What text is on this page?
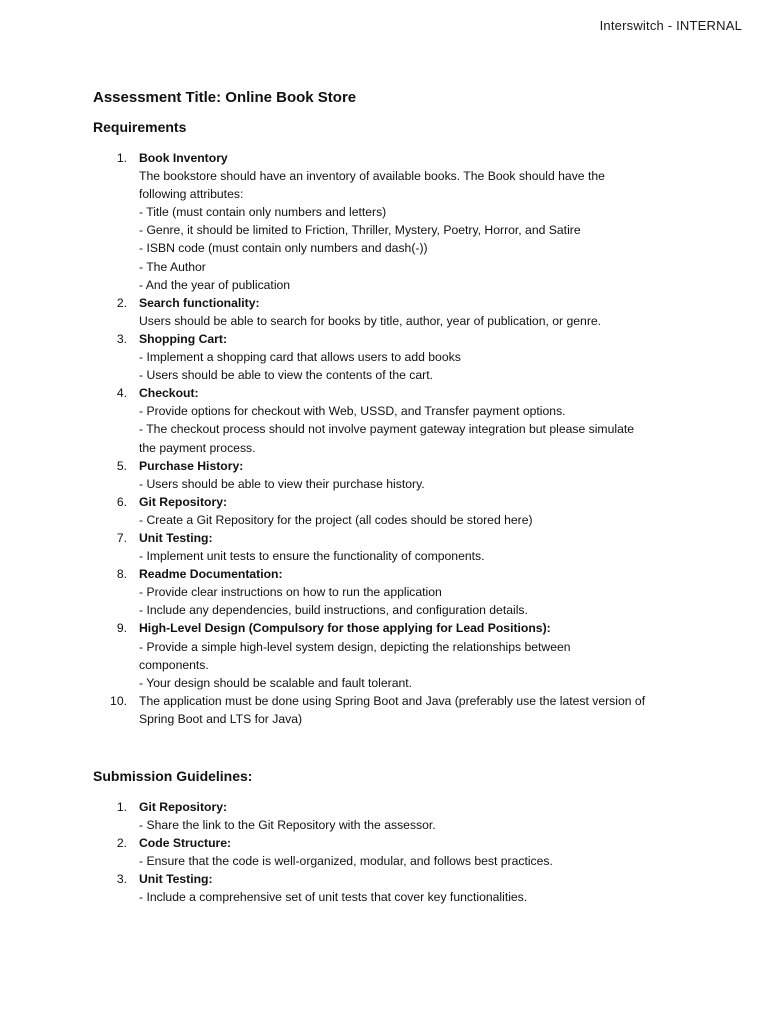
Interswitch - INTERNAL
Assessment Title: Online Book Store
Requirements
1. Book Inventory
The bookstore should have an inventory of available books. The Book should have the
following attributes:
- Title (must contain only numbers and letters)
- Genre, it should be limited to Friction, Thriller, Mystery, Poetry, Horror, and Satire
- ISBN code (must contain only numbers and dash(-))
- The Author
- And the year of publication
2. Search functionality:
Users should be able to search for books by title, author, year of publication, or genre.
3. Shopping Cart:
- Implement a shopping card that allows users to add books
- Users should be able to view the contents of the cart.
4. Checkout:
- Provide options for checkout with Web, USSD, and Transfer payment options.
- The checkout process should not involve payment gateway integration but please simulate
the payment process.
5. Purchase History:
- Users should be able to view their purchase history.
6. Git Repository:
- Create a Git Repository for the project (all codes should be stored here)
7. Unit Testing:
- Implement unit tests to ensure the functionality of components.
8. Readme Documentation:
- Provide clear instructions on how to run the application
- Include any dependencies, build instructions, and configuration details.
9. High-Level Design (Compulsory for those applying for Lead Positions):
- Provide a simple high-level system design, depicting the relationships between
components.
- Your design should be scalable and fault tolerant.
10. The application must be done using Spring Boot and Java (preferably use the latest version of
Spring Boot and LTS for Java)
Submission Guidelines:
1. Git Repository:
- Share the link to the Git Repository with the assessor.
2. Code Structure:
- Ensure that the code is well-organized, modular, and follows best practices.
3. Unit Testing:
- Include a comprehensive set of unit tests that cover key functionalities.
